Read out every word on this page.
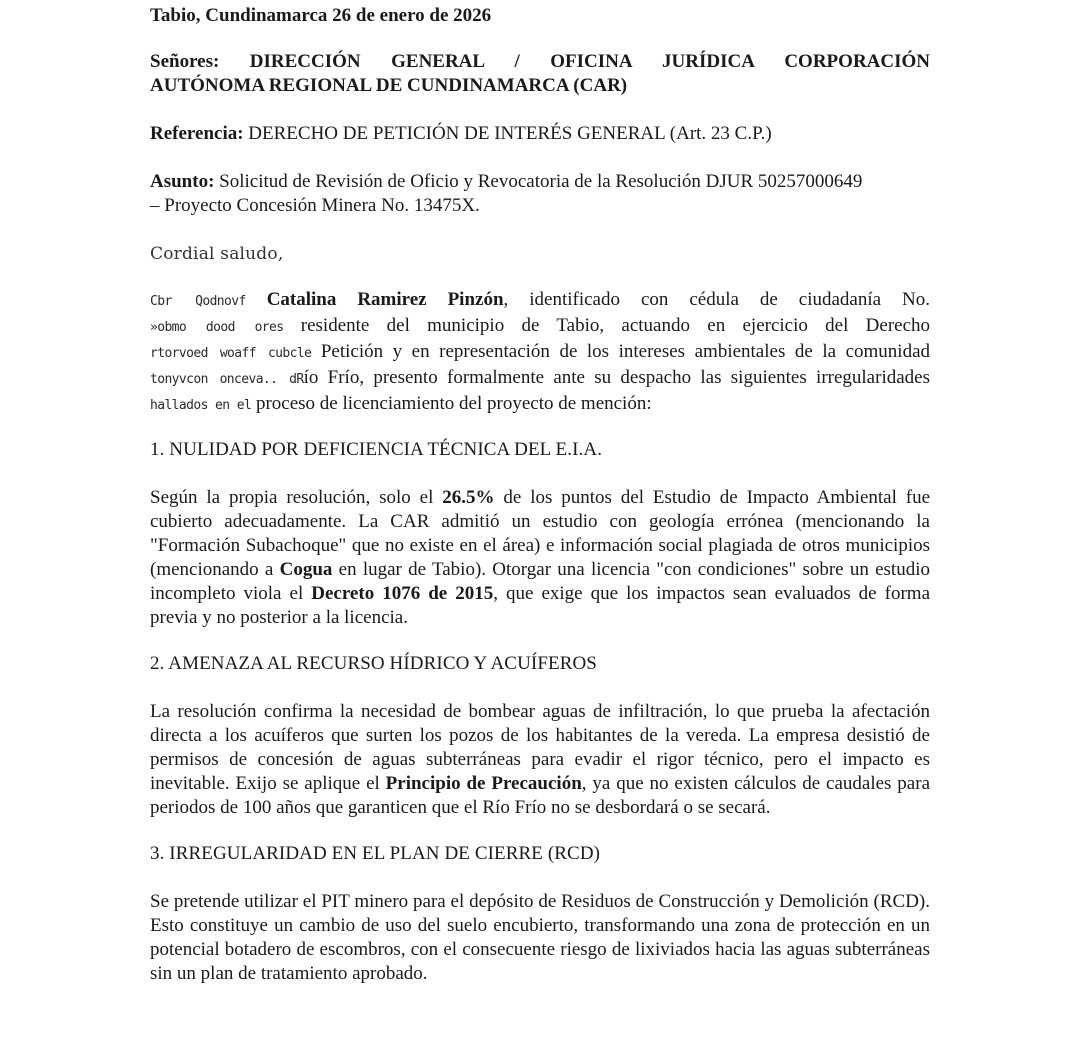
Tabio, Cundinamarca 26 de enero de 2026

Señores: DIRECCIÓN GENERAL / OFICINA JURÍDICA CORPORACIÓN
AUTÓNOMA REGIONAL DE CUNDINAMARCA (CAR)

Referencia: DERECHO DE PETICIÓN DE INTERÉS GENERAL (Art. 23 C.P.)

Asunto: Solicitud de Revisión de Oficio y Revocatoria de la Resolución DJUR 50257000649
– Proyecto Concesión Minera No. 13475X.

Cordial saludo,

Cbr Qodnovf Catalina Ramirez Pinzón, identificado con cédula de ciudadanía No.
»obmo dood ores residente del municipio de Tabio, actuando en ejercicio del Derecho
rtorvoed woaff cubcle Petición y en representación de los intereses ambientales de la comunidad
tonyvcon onceva.. dRío Frío, presento formalmente ante su despacho las siguientes irregularidades
hallados en el proceso de licenciamiento del proyecto de mención:

1. NULIDAD POR DEFICIENCIA TÉCNICA DEL E.I.A.

Según la propia resolución, solo el 26.5% de los puntos del Estudio de Impacto Ambiental fue cubierto adecuadamente. La CAR admitió un estudio con geología errónea (mencionando la "Formación Subachoque" que no existe en el área) e información social plagiada de otros municipios (mencionando a Cogua en lugar de Tabio). Otorgar una licencia "con condiciones" sobre un estudio incompleto viola el Decreto 1076 de 2015, que exige que los impactos sean evaluados de forma previa y no posterior a la licencia.

2. AMENAZA AL RECURSO HÍDRICO Y ACUÍFEROS

La resolución confirma la necesidad de bombear aguas de infiltración, lo que prueba la afectación directa a los acuíferos que surten los pozos de los habitantes de la vereda. La empresa desistió de permisos de concesión de aguas subterráneas para evadir el rigor técnico, pero el impacto es inevitable. Exijo se aplique el Principio de Precaución, ya que no existen cálculos de caudales para periodos de 100 años que garanticen que el Río Frío no se desbordará o se secará.

3. IRREGULARIDAD EN EL PLAN DE CIERRE (RCD)

Se pretende utilizar el PIT minero para el depósito de Residuos de Construcción y Demolición (RCD). Esto constituye un cambio de uso del suelo encubierto, transformando una zona de protección en un potencial botadero de escombros, con el consecuente riesgo de lixiviados hacia las aguas subterráneas sin un plan de tratamiento aprobado.
